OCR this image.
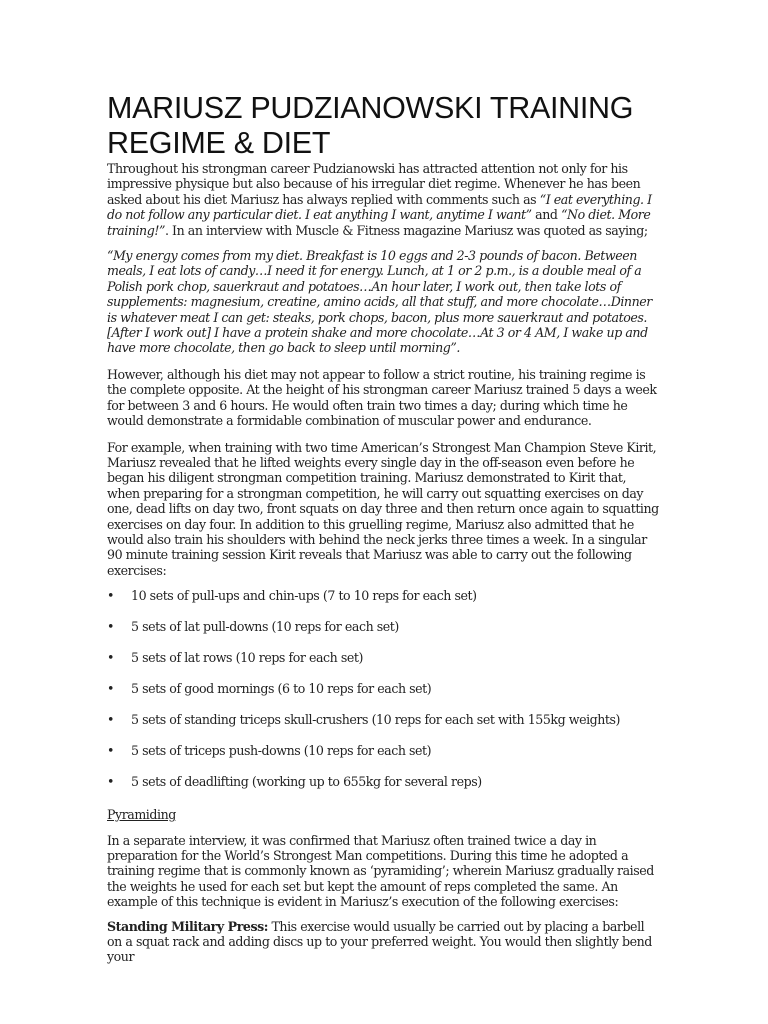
MARIUSZ PUDZIANOWSKI TRAINING REGIME & DIET

Throughout his strongman career Pudzianowski has attracted attention not only for his impressive physique but also because of his irregular diet regime. Whenever he has been asked about his diet Mariusz has always replied with comments such as “I eat everything. I do not follow any particular diet. I eat anything I want, anytime I want” and “No diet. More training!”. In an interview with Muscle & Fitness magazine Mariusz was quoted as saying;

“My energy comes from my diet. Breakfast is 10 eggs and 2-3 pounds of bacon. Between meals, I eat lots of candy…I need it for energy. Lunch, at 1 or 2 p.m., is a double meal of a Polish pork chop, sauerkraut and potatoes…An hour later, I work out, then take lots of supplements: magnesium, creatine, amino acids, all that stuff, and more chocolate…Dinner is whatever meat I can get: steaks, pork chops, bacon, plus more sauerkraut and potatoes. [After I work out] I have a protein shake and more chocolate…At 3 or 4 AM, I wake up and have more chocolate, then go back to sleep until morning”.

However, although his diet may not appear to follow a strict routine, his training regime is the complete opposite. At the height of his strongman career Mariusz trained 5 days a week for between 3 and 6 hours. He would often train two times a day; during which time he would demonstrate a formidable combination of muscular power and endurance.

For example, when training with two time American’s Strongest Man Champion Steve Kirit, Mariusz revealed that he lifted weights every single day in the off-season even before he began his diligent strongman competition training. Mariusz demonstrated to Kirit that, when preparing for a strongman competition, he will carry out squatting exercises on day one, dead lifts on day two, front squats on day three and then return once again to squatting exercises on day four. In addition to this gruelling regime, Mariusz also admitted that he would also train his shoulders with behind the neck jerks three times a week. In a singular 90 minute training session Kirit reveals that Mariusz was able to carry out the following exercises:

• 10 sets of pull-ups and chin-ups (7 to 10 reps for each set)
• 5 sets of lat pull-downs (10 reps for each set)
• 5 sets of lat rows (10 reps for each set)
• 5 sets of good mornings (6 to 10 reps for each set)
• 5 sets of standing triceps skull-crushers (10 reps for each set with 155kg weights)
• 5 sets of triceps push-downs (10 reps for each set)
• 5 sets of deadlifting (working up to 655kg for several reps)

Pyramiding

In a separate interview, it was confirmed that Mariusz often trained twice a day in preparation for the World’s Strongest Man competitions. During this time he adopted a training regime that is commonly known as ‘pyramiding’; wherein Mariusz gradually raised the weights he used for each set but kept the amount of reps completed the same. An example of this technique is evident in Mariusz’s execution of the following exercises:

Standing Military Press: This exercise would usually be carried out by placing a barbell on a squat rack and adding discs up to your preferred weight. You would then slightly bend your
